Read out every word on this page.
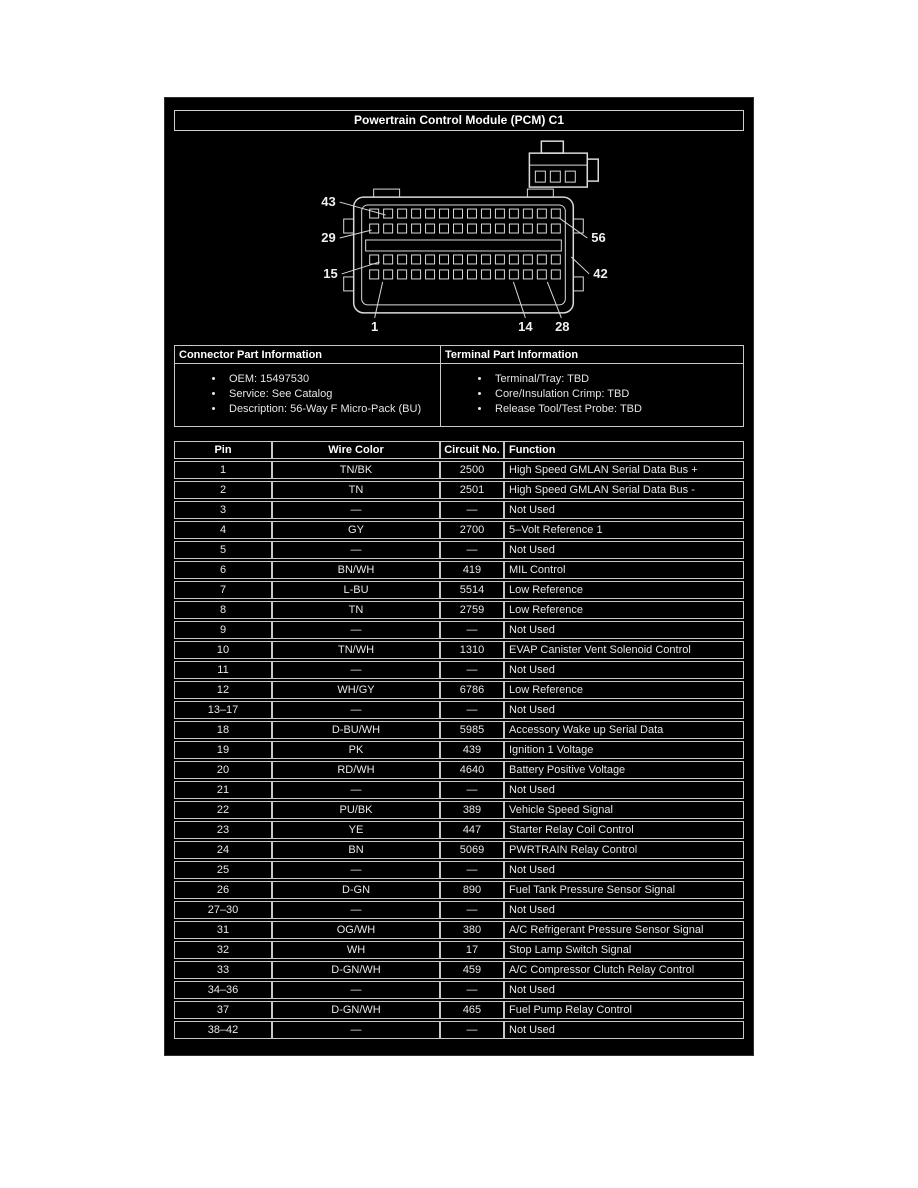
Powertrain Control Module (PCM) C1
43
29
15
1	14 28
56
42
Connector Part Information
• OEM: 15497530
• Service: See Catalog
• Description: 56-Way F Micro-Pack (BU)
Terminal Part Information
• Terminal/Tray: TBD
• Core/Insulation Crimp: TBD
• Release Tool/Test Probe: TBD
Pin	Wire Color	Circuit No.	Function
1	TN/BK	2500	High Speed GMLAN Serial Data Bus +
2	TN	2501	High Speed GMLAN Serial Data Bus -
3	—	—	Not Used
4	GY	2700	5–Volt Reference 1
5	—	—	Not Used
6	BN/WH	419	MIL Control
7	L-BU	5514	Low Reference
8	TN	2759	Low Reference
9	—	—	Not Used
10	TN/WH	1310	EVAP Canister Vent Solenoid Control
11	—	—	Not Used
12	WH/GY	6786	Low Reference
13–17	—	—	Not Used
18	D-BU/WH	5985	Accessory Wake up Serial Data
19	PK	439	Ignition 1 Voltage
20	RD/WH	4640	Battery Positive Voltage
21	—	—	Not Used
22	PU/BK	389	Vehicle Speed Signal
23	YE	447	Starter Relay Coil Control
24	BN	5069	PWRTRAIN Relay Control
25	—	—	Not Used
26	D-GN	890	Fuel Tank Pressure Sensor Signal
27–30	—	—	Not Used
31	OG/WH	380	A/C Refrigerant Pressure Sensor Signal
32	WH	17	Stop Lamp Switch Signal
33	D-GN/WH	459	A/C Compressor Clutch Relay Control
34–36	—	—	Not Used
37	D-GN/WH	465	Fuel Pump Relay Control
38–42	—	—	Not Used
